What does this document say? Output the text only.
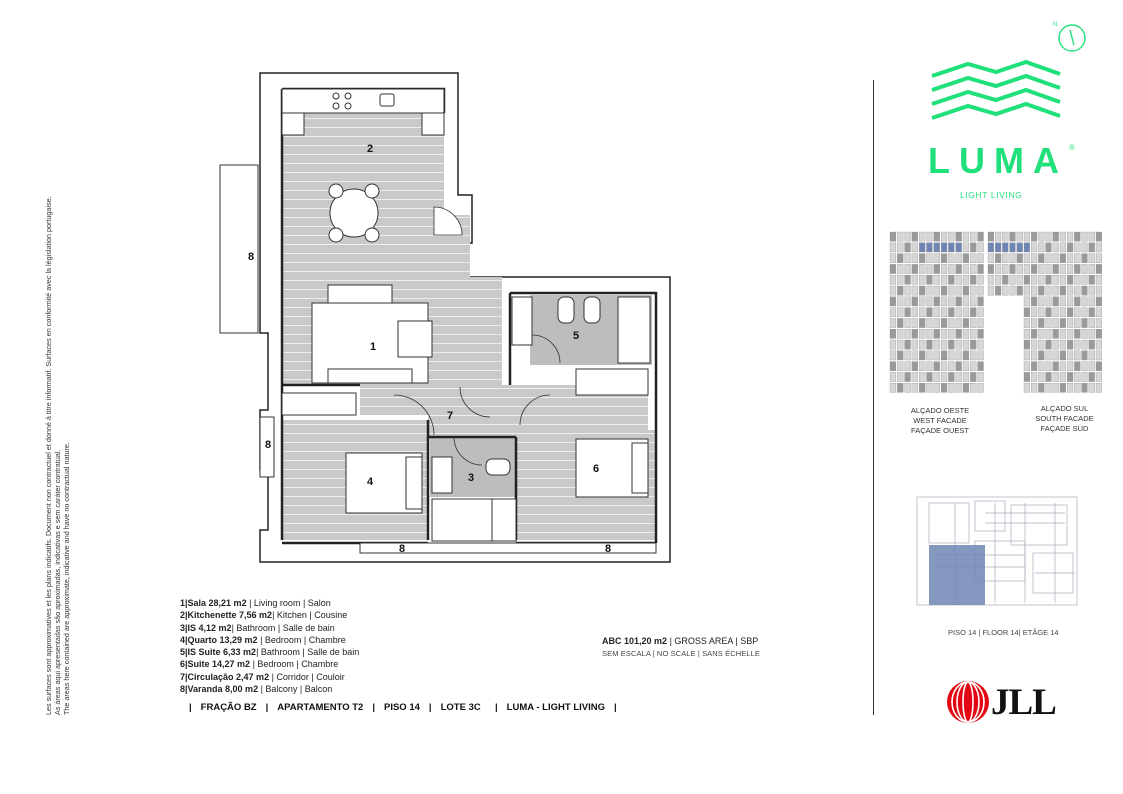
Les surfaces sont approximatives et les plans indicatifs. Document non contractuel et donné à titre informatif. Surfaces en conformité avec la législation portugaise. As áreas aqui apresentadas são aproximadas, indicativas e sem caráter contratual. The areas here contained are approximate, indicative and have no contractual nature.
2
1
3
4
5
6
7
8
8
8	8
1|Sala 28,21 m2 | Living room | Salon
2|Kitchenette 7,56 m2| Kitchen | Cousine
3|IS 4,12 m2| Bathroom | Salle de bain
4|Quarto 13,29 m2 | Bedroom | Chambre
5|IS Suite 6,33 m2| Bathroom | Salle de bain
6|Suite 14,27 m2 | Bedroom | Chambre
7|Circulação 2,47 m2 | Corridor | Couloir
8|Varanda 8,00 m2 | Balcony | Balcon
ABC 101,20 m2 | GROSS AREA | SBP
SEM ESCALA | NO SCALE | SANS ÉCHELLE
| FRAÇÃO BZ | APARTAMENTO T2 | PISO 14 | LOTE 3C  | LUMA - LIGHT LIVING |
N
LUMA ®
LIGHT LIVING
ALÇADO OESTE
WEST FACADE
FAÇADE OUEST
ALÇADO SUL
SOUTH FACADE
FAÇADE SUD
PISO 14 | FLOOR 14| ETÂGE 14
JLL
